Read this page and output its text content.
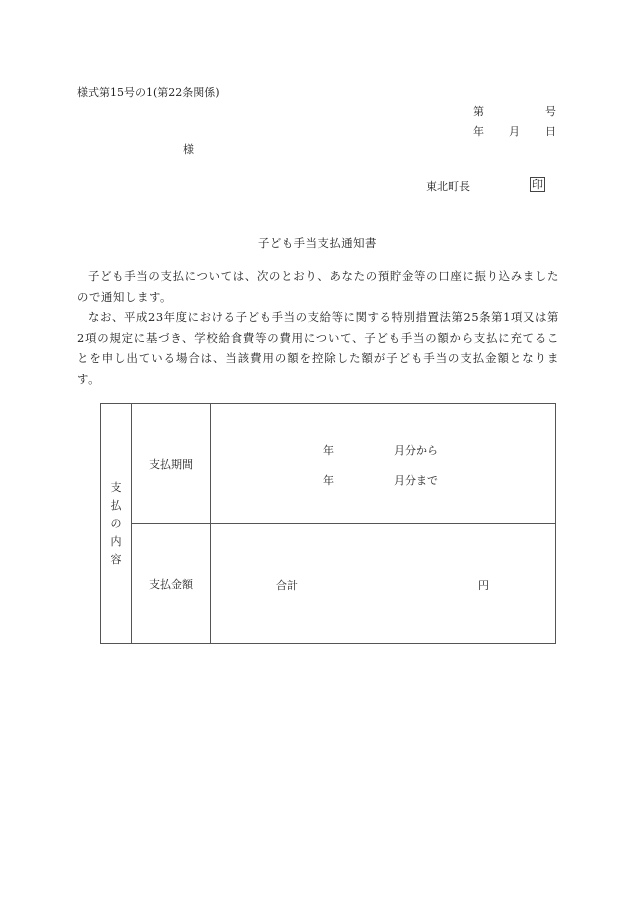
様式第15号の1(第22条関係)
第	号
年 月 日
様
東北町長	印
子ども手当支払通知書

子ども手当の支払については、次のとおり、あなたの預貯金等の口座に振り込みましたので通知します。

なお、平成23年度における子ども手当の支給等に関する特別措置法第25条第1項又は第2項の規定に基づき、学校給食費等の費用について、子ども手当の額から支払に充てることを申し出ている場合は、当該費用の額を控除した額が子ども手当の支払金額となります。

支
払
の
内
容
	支払期間	
年	月分から
年	月分まで

	支払金額	合計 円
